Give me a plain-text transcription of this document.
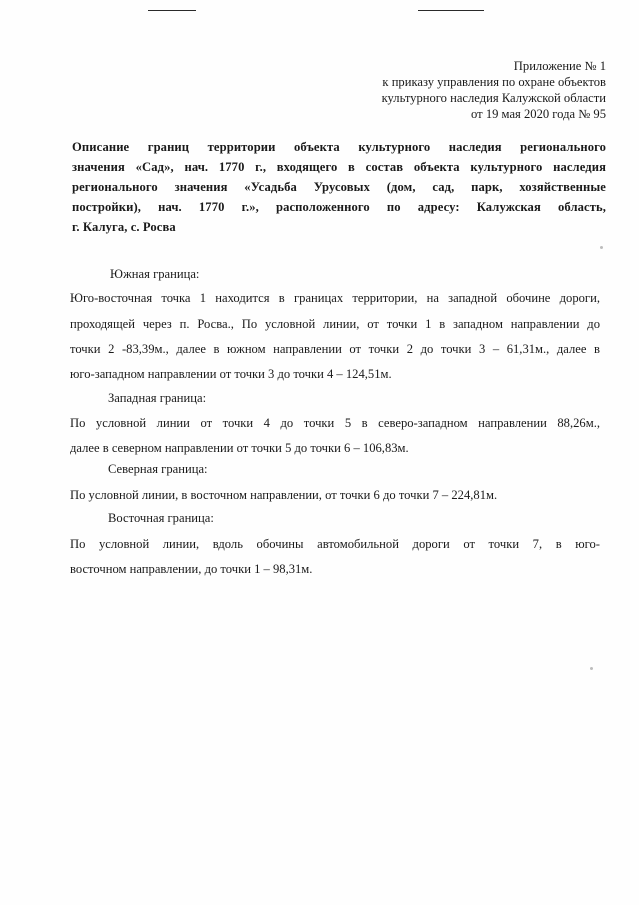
Приложение № 1
к приказу управления по охране объектов
культурного наследия Калужской области
от 19 мая 2020 года № 95
Описание границ территории объекта культурного наследия регионального
значения «Сад», нач. 1770 г., входящего в состав объекта культурного наследия
регионального значения «Усадьба Урусовых (дом, сад, парк, хозяйственные
постройки), нач. 1770 г.», расположенного по адресу: Калужская область,
г. Калуга, с. Росва
Южная граница:
Юго-восточная точка 1 находится в границах территории, на западной обочине дороги,
проходящей через п. Росва., По условной линии, от точки 1 в западном направлении до
точки 2 -83,39м., далее в южном направлении от точки 2 до точки 3 – 61,31м., далее в
юго-западном направлении от точки 3 до точки 4 – 124,51м.
Западная граница:
По условной линии от точки 4 до точки 5 в северо-западном направлении 88,26м.,
далее в северном направлении от точки 5 до точки 6 – 106,83м.
Северная граница:
По условной линии, в восточном направлении, от точки 6 до точки 7 – 224,81м.
Восточная граница:
По условной линии, вдоль обочины автомобильной дороги от точки 7, в юго-
восточном направлении, до точки 1 – 98,31м.
